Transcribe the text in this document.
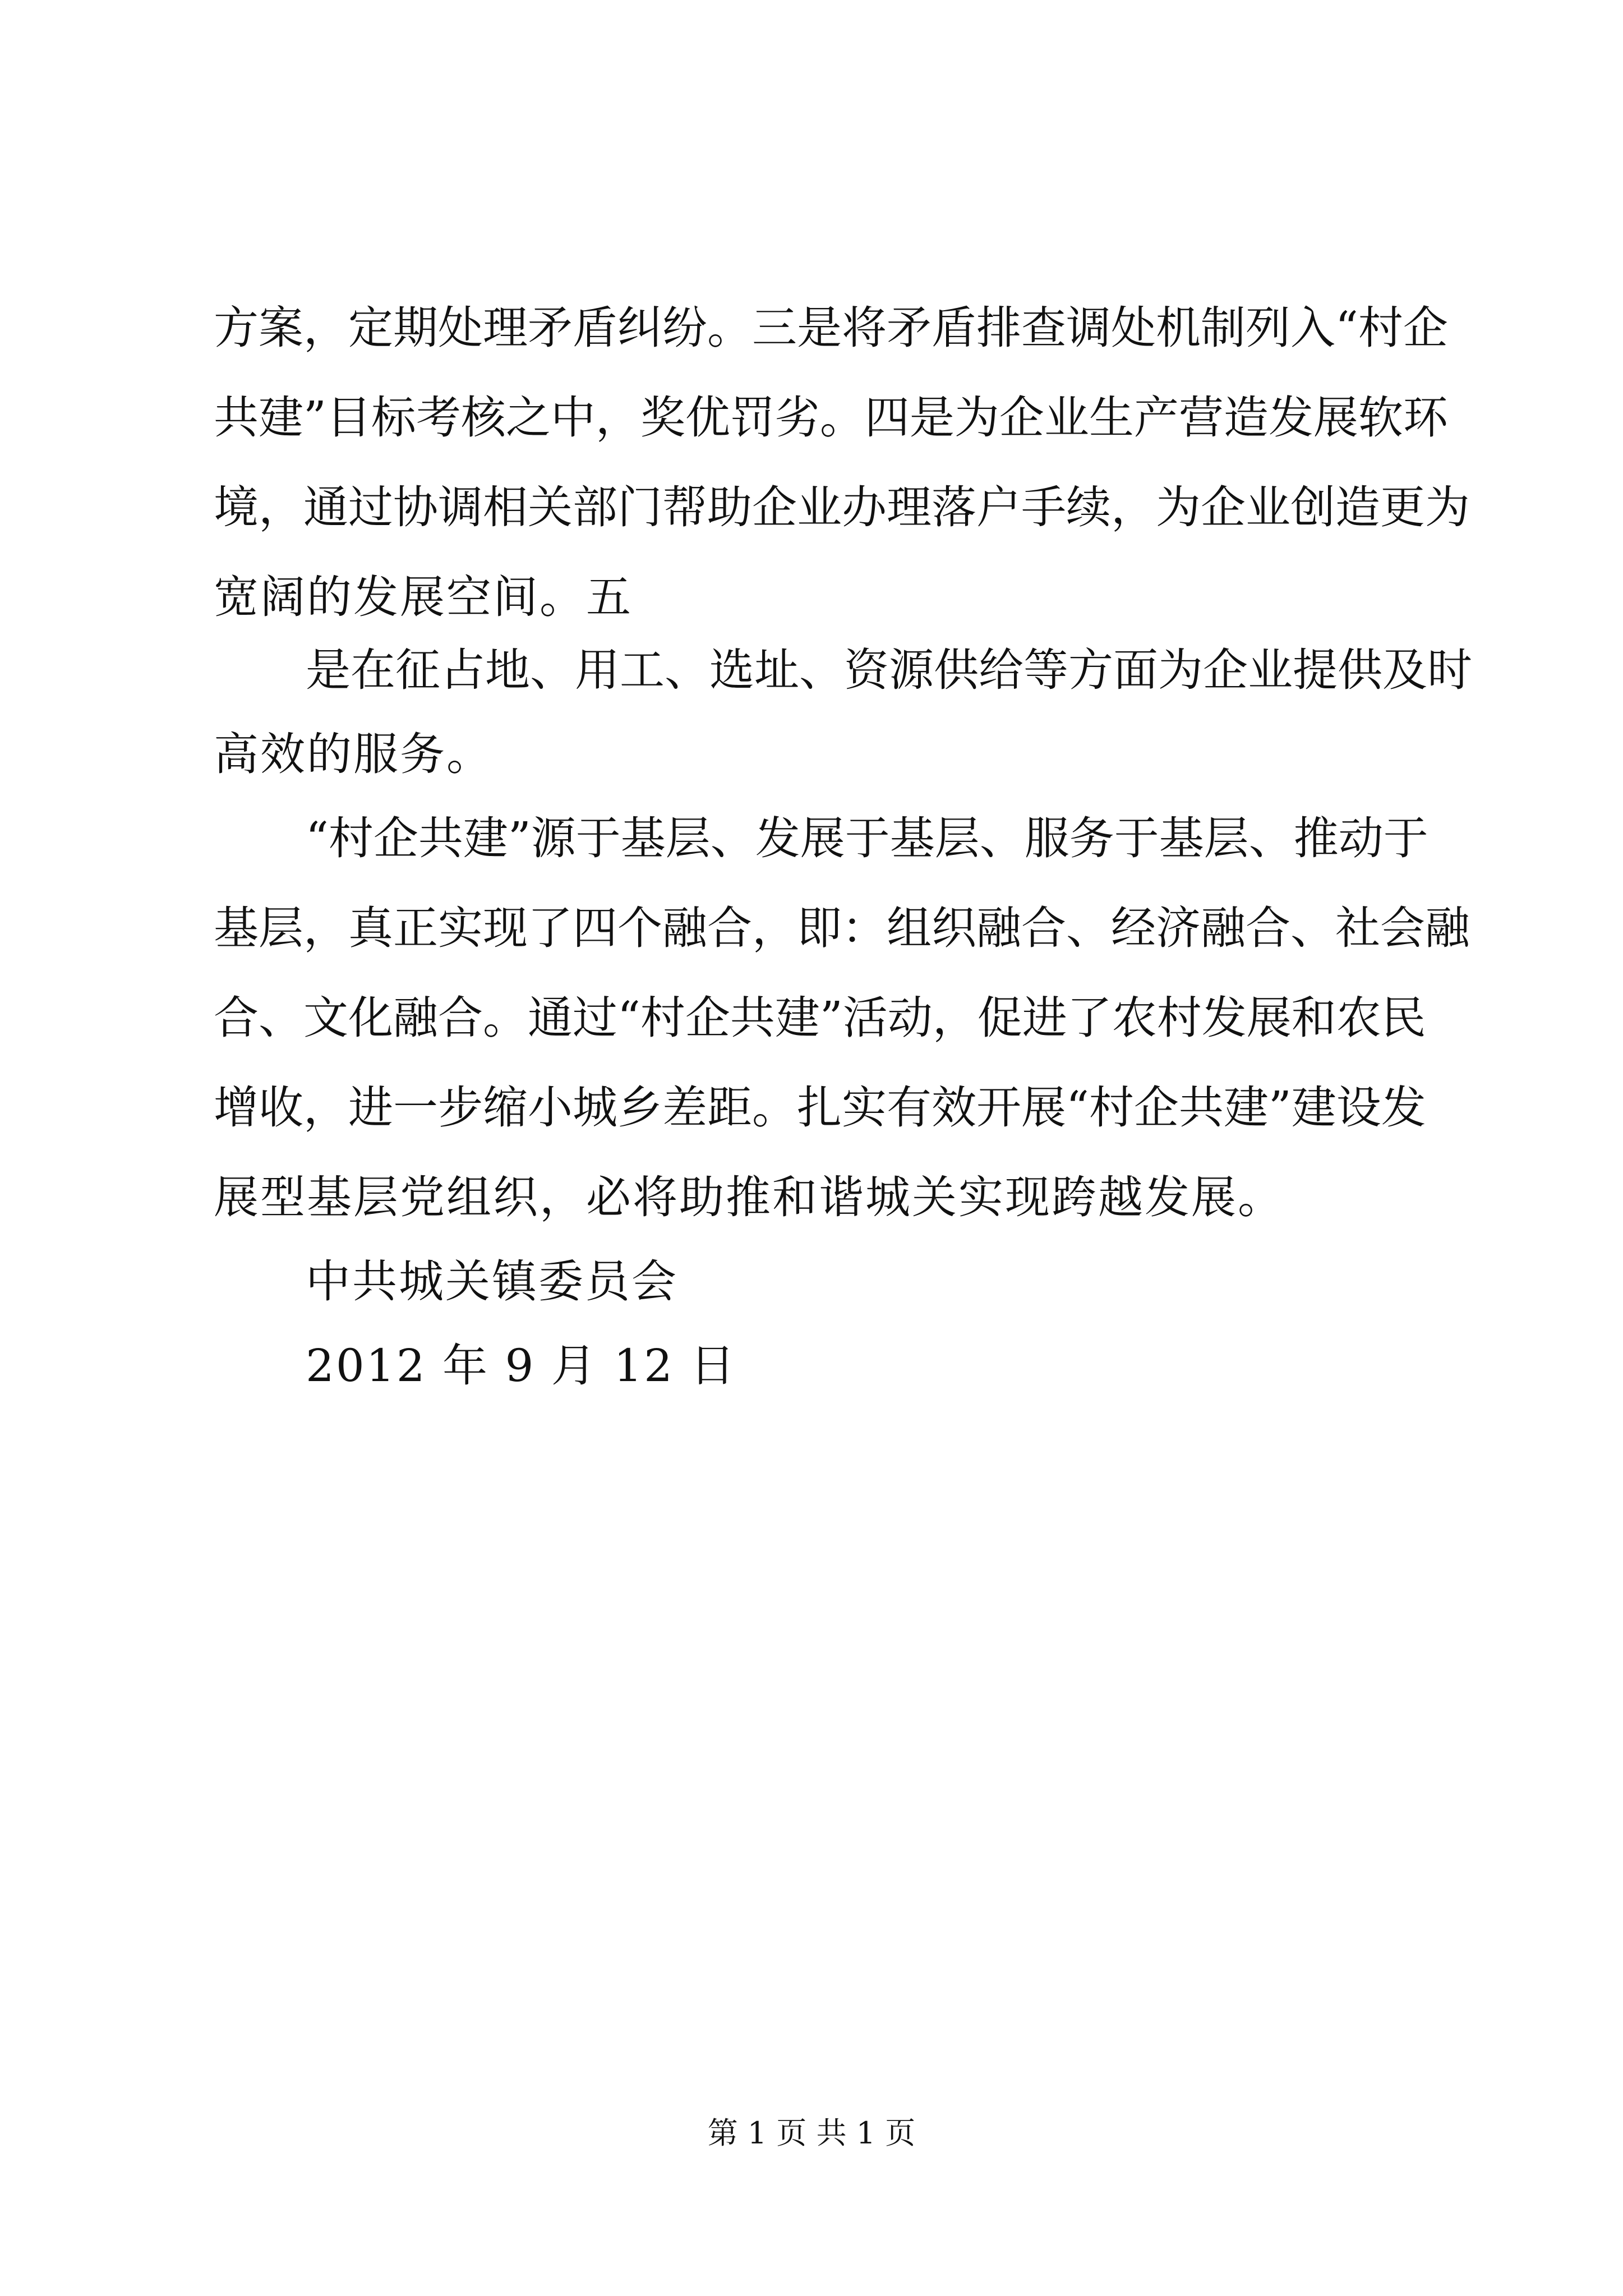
方案，定期处理矛盾纠纷。三是将矛盾排查调处机制列入“村企
共建”目标考核之中，奖优罚劣。四是为企业生产营造发展软环
境，通过协调相关部门帮助企业办理落户手续，为企业创造更为
宽阔的发展空间。五
是在征占地、用工、选址、资源供给等方面为企业提供及时
高效的服务。
“村企共建”源于基层、发展于基层、服务于基层、推动于
基层，真正实现了四个融合，即：组织融合、经济融合、社会融
合、文化融合。通过“村企共建”活动，促进了农村发展和农民
增收，进一步缩小城乡差距。扎实有效开展“村企共建”建设发
展型基层党组织，必将助推和谐城关实现跨越发展。
中共城关镇委员会
2012 年 9 月 12 日
第 1 页 共 1 页
